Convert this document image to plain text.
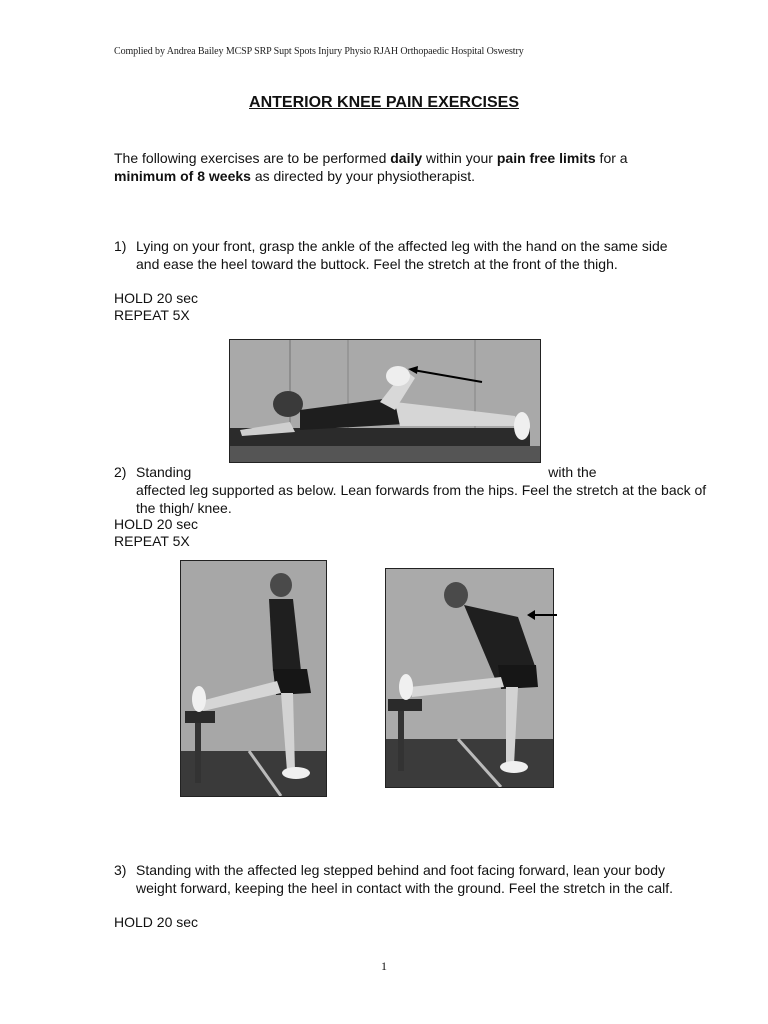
Complied by Andrea Bailey MCSP SRP Supt Spots Injury Physio RJAH Orthopaedic Hospital Oswestry
ANTERIOR KNEE PAIN EXERCISES
The following exercises are to be performed daily within your pain free limits for a minimum of 8 weeks as directed by your physiotherapist.
1) Lying on your front, grasp the ankle of the affected leg with the hand on the same side and ease the heel toward the buttock. Feel the stretch at the front of the thigh.
HOLD 20 sec
REPEAT 5X
2) Standing	with the
affected leg supported as below. Lean forwards from the hips. Feel the stretch at the back of the thigh/ knee.
HOLD 20 sec
REPEAT 5X
3) Standing with the affected leg stepped behind and foot facing forward, lean your body weight forward, keeping the heel in contact with the ground. Feel the stretch in the calf.
HOLD 20 sec
1
